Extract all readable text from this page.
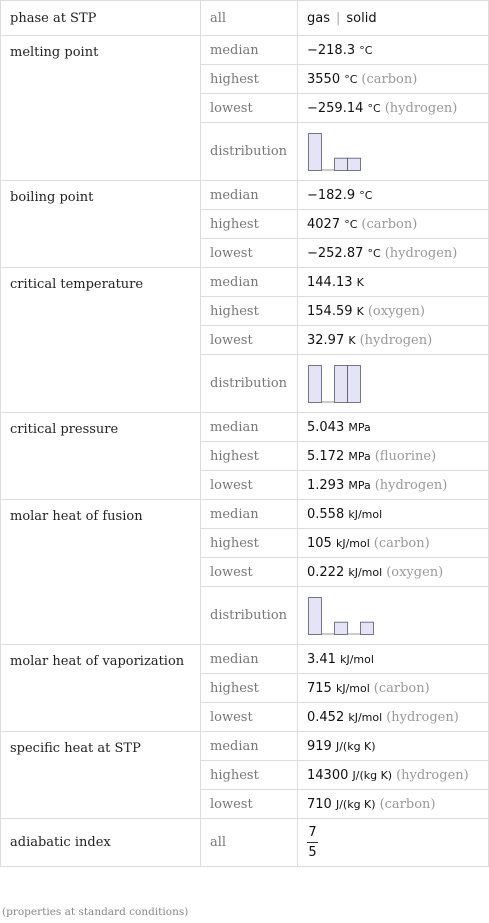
phase at STP	all	gas | solid
melting point	median	−218.3 °C
	highest	3550 °C (carbon)
	lowest	−259.14 °C (hydrogen)
	distribution	

boiling point	median	−182.9 °C
	highest	4027 °C (carbon)
	lowest	−252.87 °C (hydrogen)
critical temperature	median	144.13 K
	highest	154.59 K (oxygen)
	lowest	32.97 K (hydrogen)
	distribution	

critical pressure	median	5.043 MPa
	highest	5.172 MPa (fluorine)
	lowest	1.293 MPa (hydrogen)
molar heat of fusion	median	0.558 kJ/mol
	highest	105 kJ/mol (carbon)
	lowest	0.222 kJ/mol (oxygen)
	distribution	

molar heat of vaporization	median	3.41 kJ/mol
	highest	715 kJ/mol (carbon)
	lowest	0.452 kJ/mol (hydrogen)
specific heat at STP	median	919 J/(kg K)
	highest	14300 J/(kg K) (hydrogen)
	lowest	710 J/(kg K) (carbon)
adiabatic index	all	$\frac{7}{5}$
(properties at standard conditions)
